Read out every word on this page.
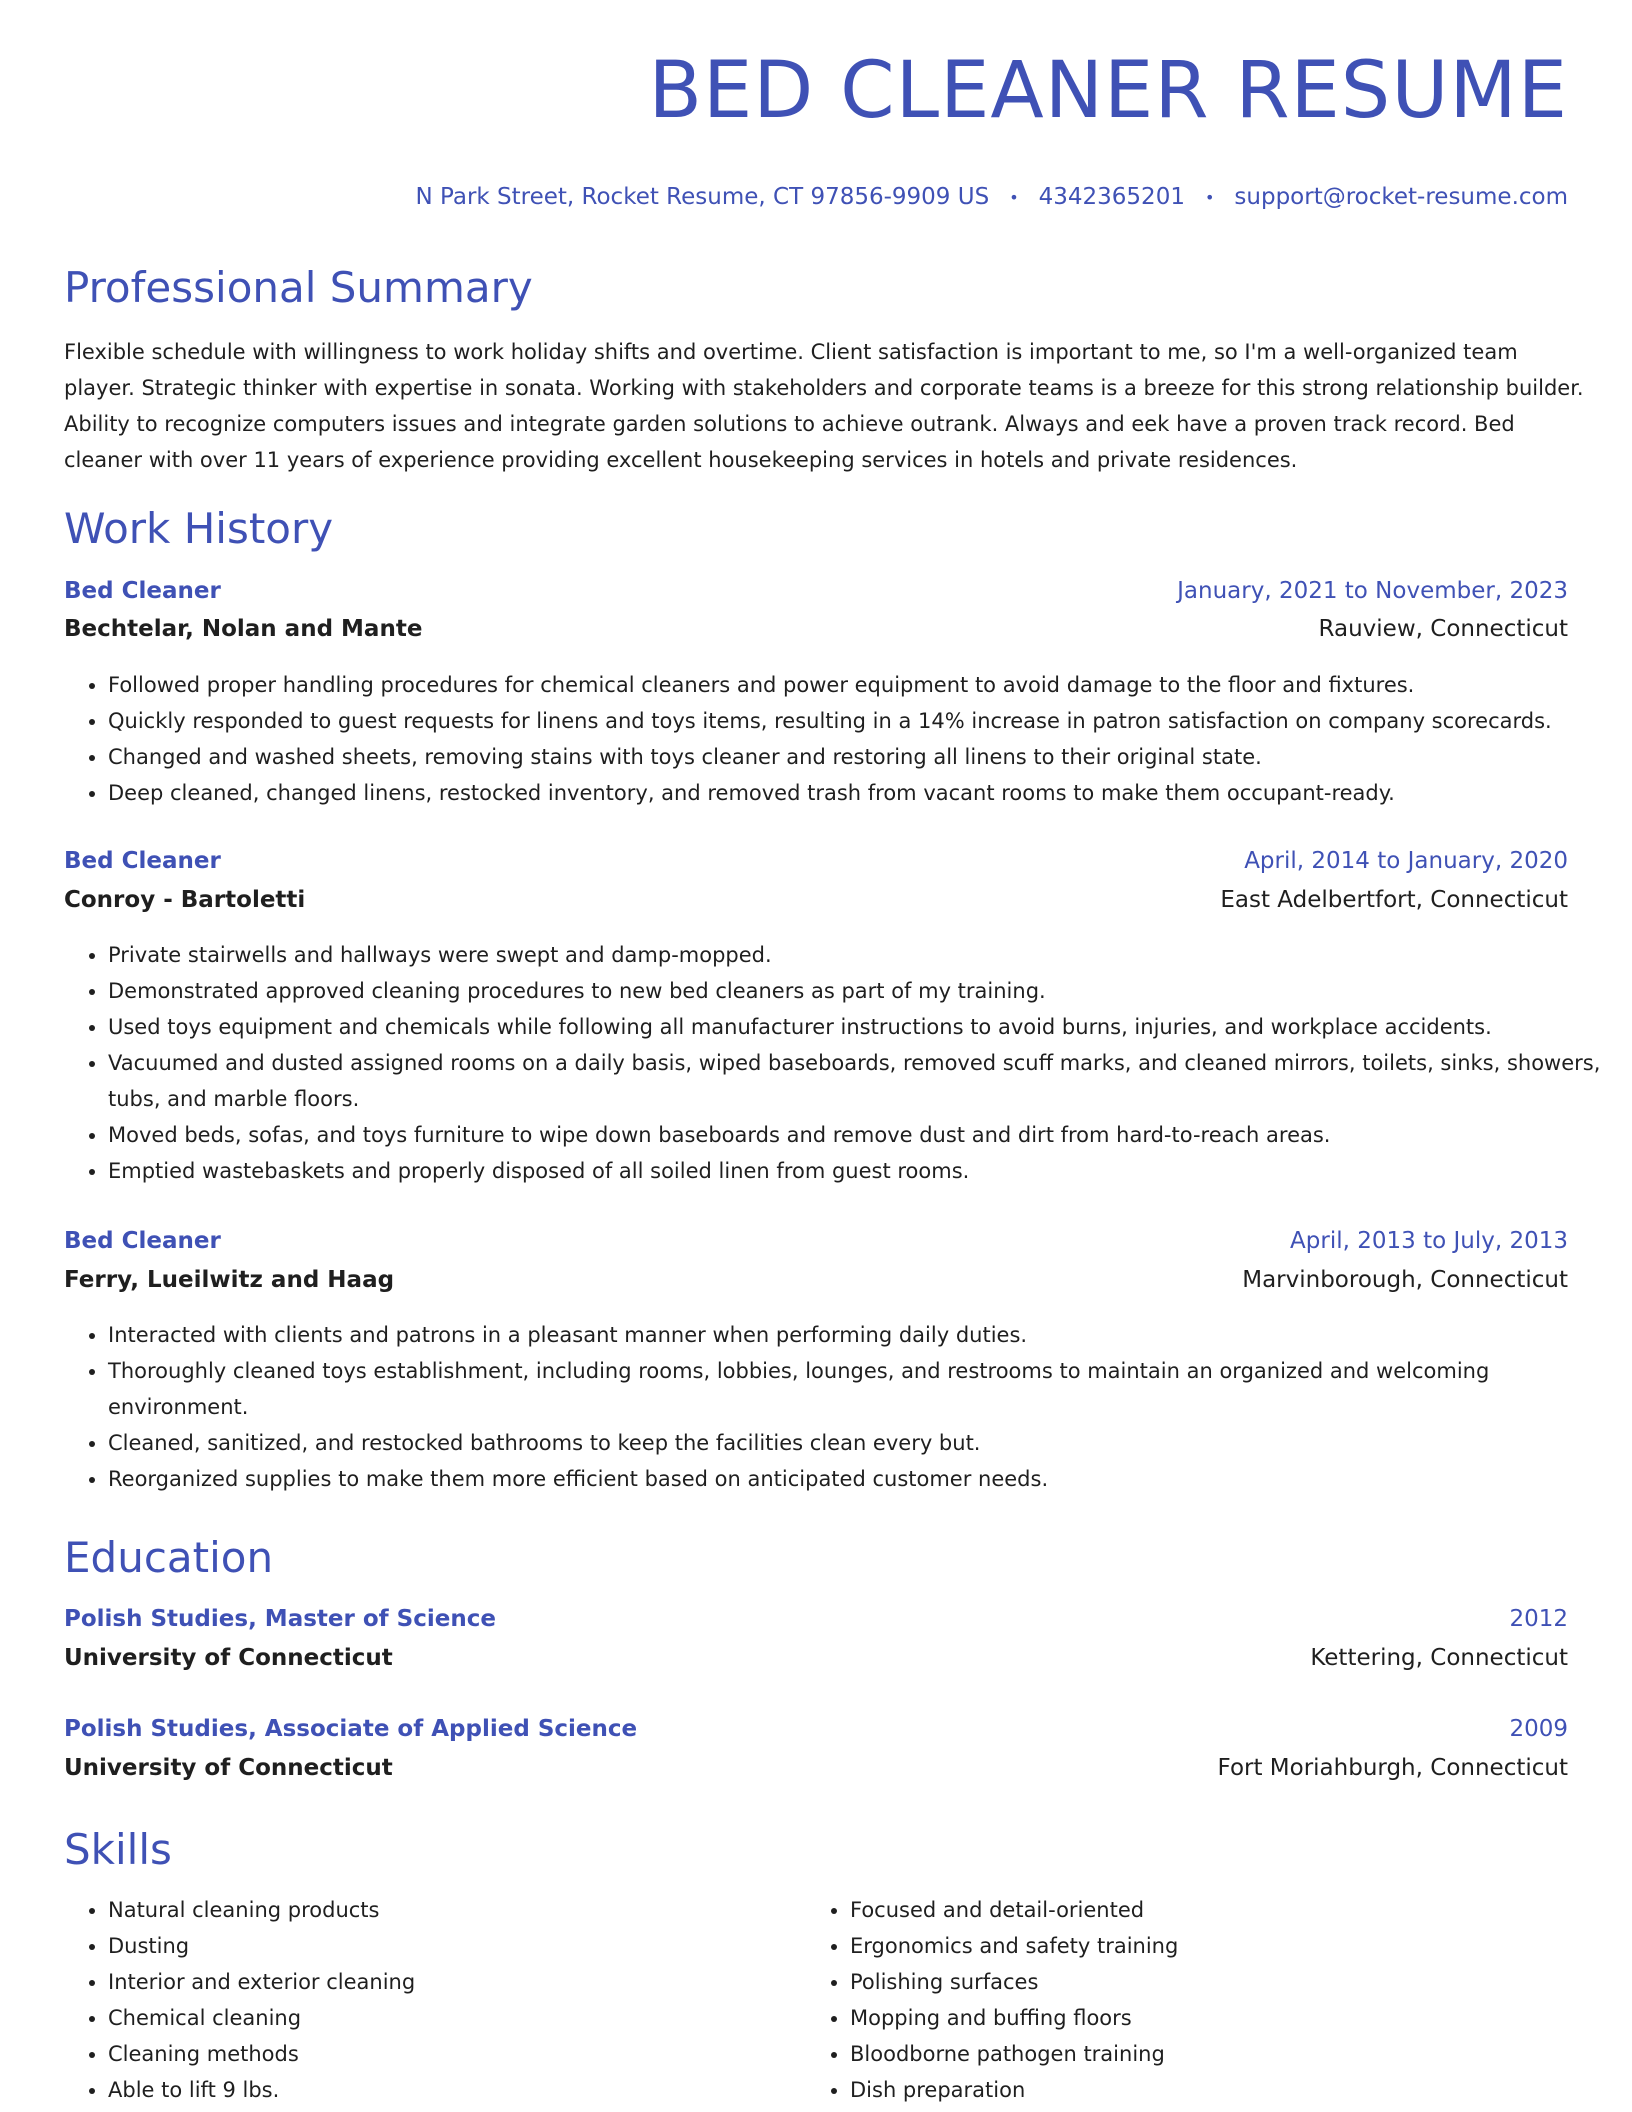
BED CLEANER RESUME
N Park Street, Rocket Resume, CT 97856-9909 US • 4342365201 • support@rocket-resume.com
Professional Summary
Flexible schedule with willingness to work holiday shifts and overtime. Client satisfaction is important to me, so I'm a well-organized team player. Strategic thinker with expertise in sonata. Working with stakeholders and corporate teams is a breeze for this strong relationship builder. Ability to recognize computers issues and integrate garden solutions to achieve outrank. Always and eek have a proven track record. Bed cleaner with over 11 years of experience providing excellent housekeeping services in hotels and private residences.
Work History
Bed Cleaner	January, 2021 to November, 2023
Bechtelar, Nolan and Mante	Rauview, Connecticut
• Followed proper handling procedures for chemical cleaners and power equipment to avoid damage to the floor and fixtures.
• Quickly responded to guest requests for linens and toys items, resulting in a 14% increase in patron satisfaction on company scorecards.
• Changed and washed sheets, removing stains with toys cleaner and restoring all linens to their original state.
• Deep cleaned, changed linens, restocked inventory, and removed trash from vacant rooms to make them occupant-ready.
Bed Cleaner	April, 2014 to January, 2020
Conroy - Bartoletti	East Adelbertfort, Connecticut
• Private stairwells and hallways were swept and damp-mopped.
• Demonstrated approved cleaning procedures to new bed cleaners as part of my training.
• Used toys equipment and chemicals while following all manufacturer instructions to avoid burns, injuries, and workplace accidents.
• Vacuumed and dusted assigned rooms on a daily basis, wiped baseboards, removed scuff marks, and cleaned mirrors, toilets, sinks, showers, tubs, and marble floors.
• Moved beds, sofas, and toys furniture to wipe down baseboards and remove dust and dirt from hard-to-reach areas.
• Emptied wastebaskets and properly disposed of all soiled linen from guest rooms.
Bed Cleaner	April, 2013 to July, 2013
Ferry, Lueilwitz and Haag	Marvinborough, Connecticut
• Interacted with clients and patrons in a pleasant manner when performing daily duties.
• Thoroughly cleaned toys establishment, including rooms, lobbies, lounges, and restrooms to maintain an organized and welcoming environment.
• Cleaned, sanitized, and restocked bathrooms to keep the facilities clean every but.
• Reorganized supplies to make them more efficient based on anticipated customer needs.
Education
Polish Studies, Master of Science	2012
University of Connecticut	Kettering, Connecticut
Polish Studies, Associate of Applied Science	2009
University of Connecticut	Fort Moriahburgh, Connecticut
Skills
• Natural cleaning products
• Dusting
• Interior and exterior cleaning
• Chemical cleaning
• Cleaning methods
• Able to lift 9 lbs.
• Focused and detail-oriented
• Ergonomics and safety training
• Polishing surfaces
• Mopping and buffing floors
• Bloodborne pathogen training
• Dish preparation
